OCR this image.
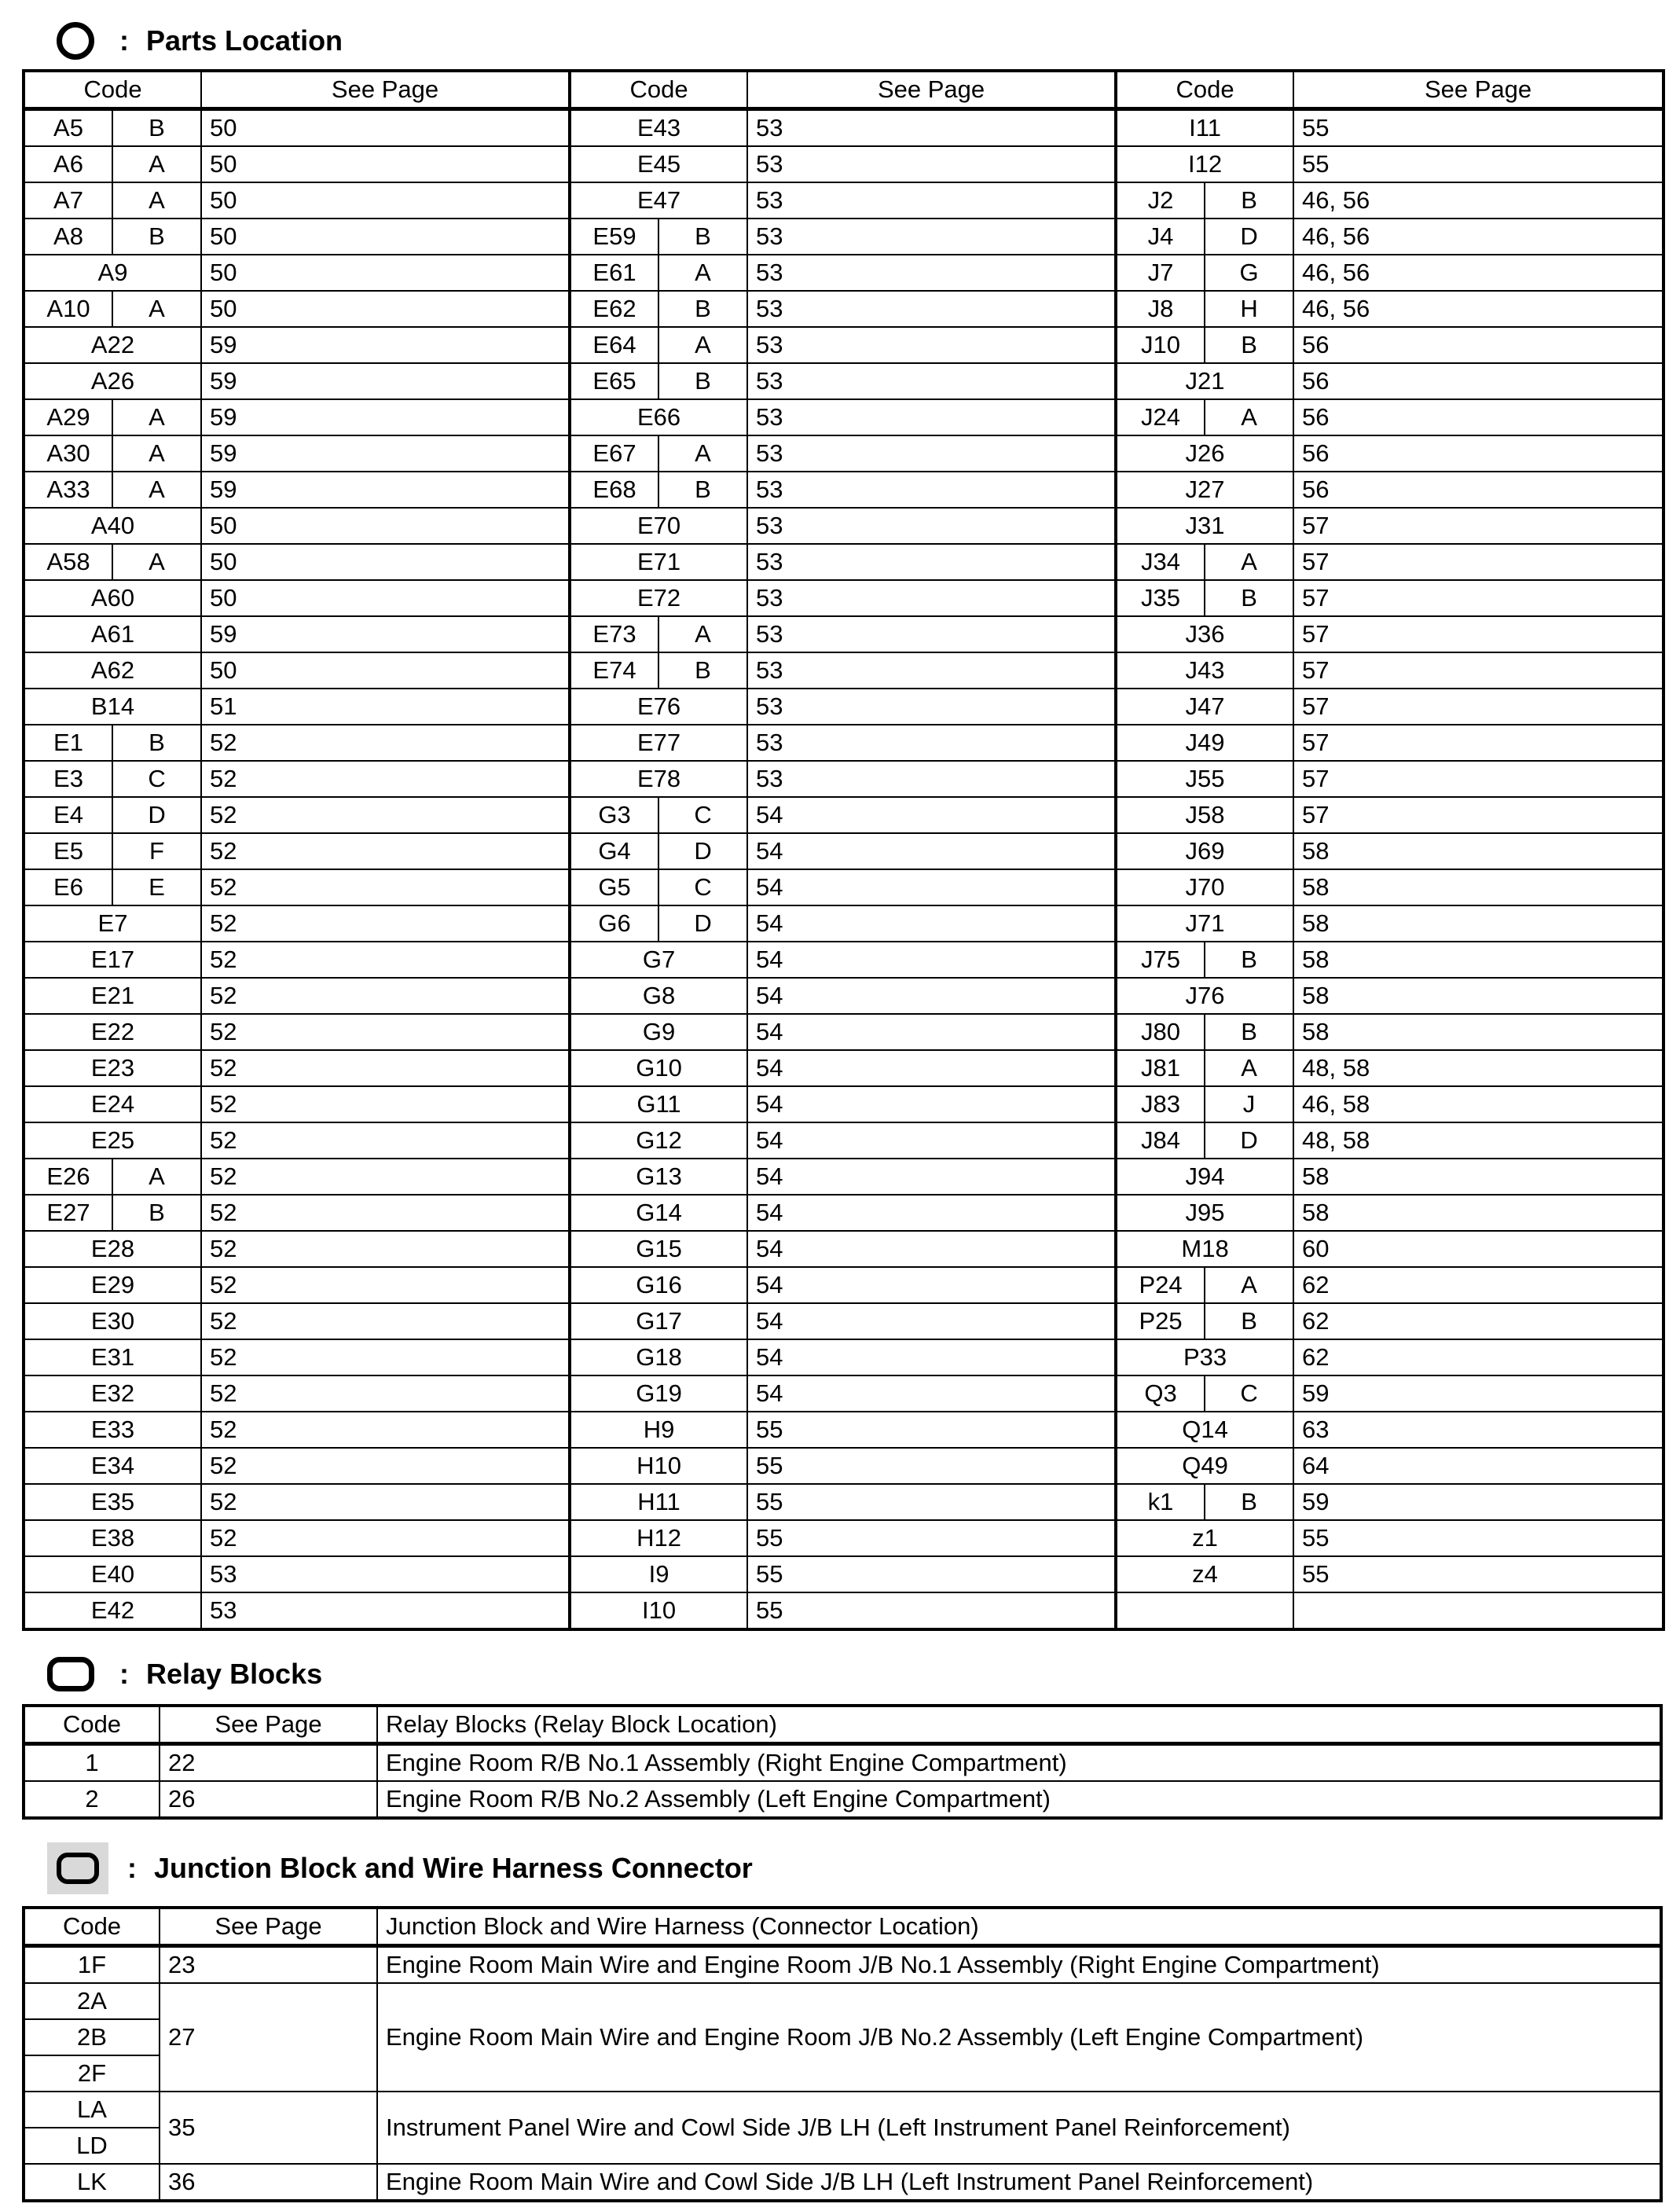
: Parts Location
Code		See Page	Code		See Page	Code		See Page
A5	B	50	E43		53	I11		55
A6	A	50	E45		53	I12		55
A7	A	50	E47		53	J2	B	46, 56
A8	B	50	E59	B	53	J4	D	46, 56
A9		50	E61	A	53	J7	G	46, 56
A10	A	50	E62	B	53	J8	H	46, 56
A22		59	E64	A	53	J10	B	56
A26		59	E65	B	53	J21		56
A29	A	59	E66		53	J24	A	56
A30	A	59	E67	A	53	J26		56
A33	A	59	E68	B	53	J27		56
A40		50	E70		53	J31		57
A58	A	50	E71		53	J34	A	57
A60		50	E72		53	J35	B	57
A61		59	E73	A	53	J36		57
A62		50	E74	B	53	J43		57
B14		51	E76		53	J47		57
E1	B	52	E77		53	J49		57
E3	C	52	E78		53	J55		57
E4	D	52	G3	C	54	J58		57
E5	F	52	G4	D	54	J69		58
E6	E	52	G5	C	54	J70		58
E7		52	G6	D	54	J71		58
E17		52	G7		54	J75	B	58
E21		52	G8		54	J76		58
E22		52	G9		54	J80	B	58
E23		52	G10		54	J81	A	48, 58
E24		52	G11		54	J83	J	46, 58
E25		52	G12		54	J84	D	48, 58
E26	A	52	G13		54	J94		58
E27	B	52	G14		54	J95		58
E28		52	G15		54	M18		60
E29		52	G16		54	P24	A	62
E30		52	G17		54	P25	B	62
E31		52	G18		54	P33		62
E32		52	G19		54	Q3	C	59
E33		52	H9		55	Q14		63
E34		52	H10		55	Q49		64
E35		52	H11		55	k1	B	59
E38		52	H12		55	z1		55
E40		53	I9		55	z4		55
E42		53	I10		55			
: Relay Blocks
Code	See Page	Relay Blocks (Relay Block Location)
1	22	Engine Room R/B No.1 Assembly (Right Engine Compartment)
2	26	Engine Room R/B No.2 Assembly (Left Engine Compartment)
: Junction Block and Wire Harness Connector
Code	See Page	Junction Block and Wire Harness (Connector Location)
1F	23	Engine Room Main Wire and Engine Room J/B No.1 Assembly (Right Engine Compartment)
2A	27	Engine Room Main Wire and Engine Room J/B No.2 Assembly (Left Engine Compartment)
2B		
2F		
LA	35	Instrument Panel Wire and Cowl Side J/B LH (Left Instrument Panel Reinforcement)
LD		
LK	36	Engine Room Main Wire and Cowl Side J/B LH (Left Instrument Panel Reinforcement)
